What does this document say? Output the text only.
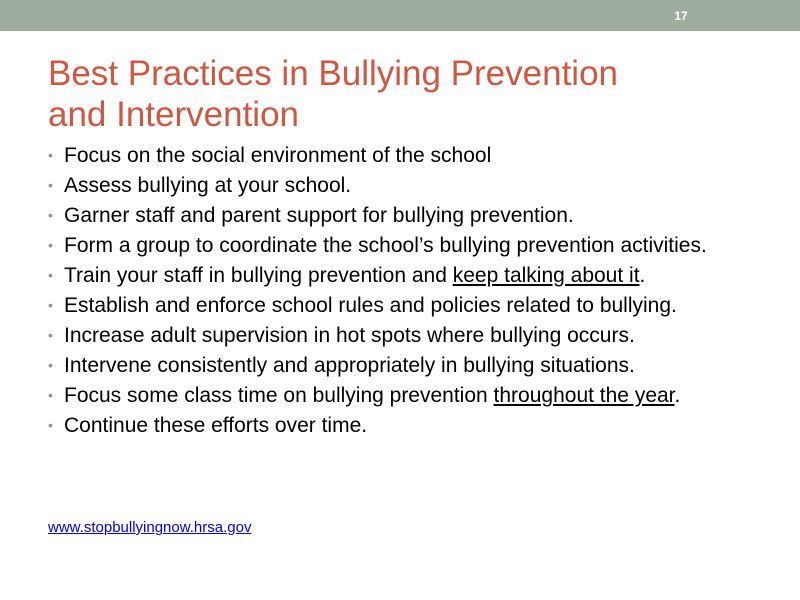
17
Best Practices in Bullying Prevention
and Intervention
• Focus on the social environment of the school
• Assess bullying at your school.
• Garner staff and parent support for bullying prevention.
• Form a group to coordinate the school’s bullying prevention activities.
• Train your staff in bullying prevention and keep talking about it.
• Establish and enforce school rules and policies related to bullying.
• Increase adult supervision in hot spots where bullying occurs.
• Intervene consistently and appropriately in bullying situations.
• Focus some class time on bullying prevention throughout the year.
• Continue these efforts over time.
www.stopbullyingnow.hrsa.gov
